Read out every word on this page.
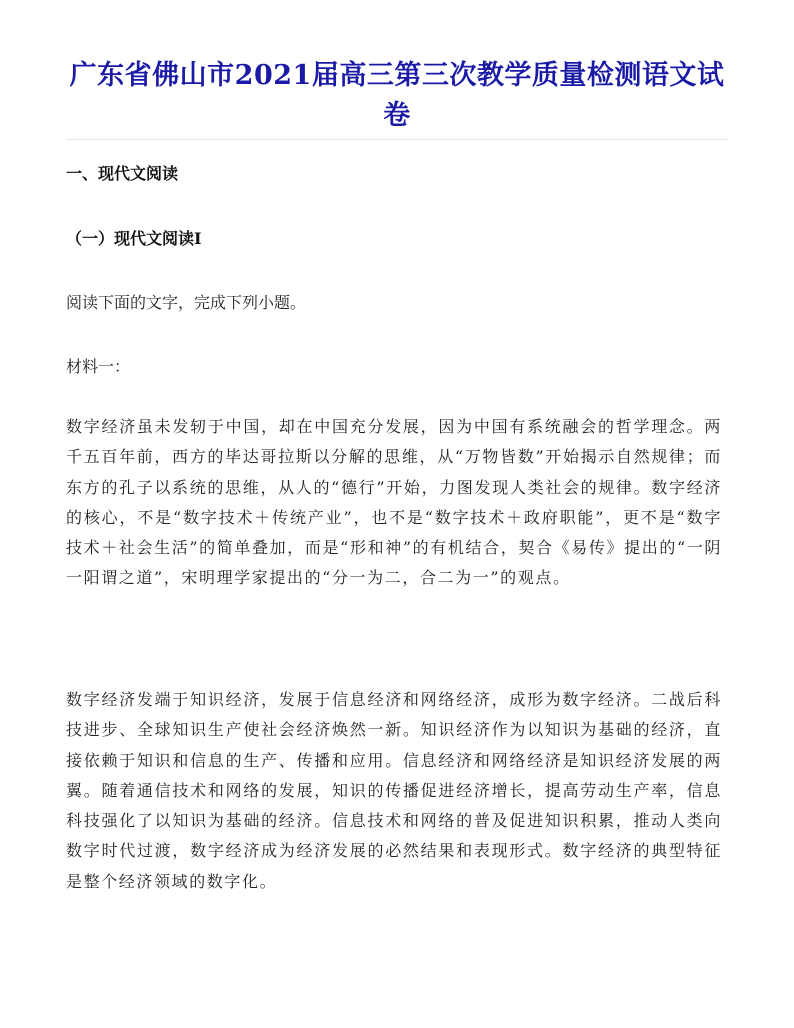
广东省佛山市2021届高三第三次教学质量检测语文试卷
一、现代文阅读
（一）现代文阅读Ⅰ
阅读下面的文字，完成下列小题。
材料一：
数字经济虽未发轫于中国，却在中国充分发展，因为中国有系统融会的哲学理念。两千五百年前，西方的毕达哥拉斯以分解的思维，从“万物皆数”开始揭示自然规律；而东方的孔子以系统的思维，从人的“德行”开始，力图发现人类社会的规律。数字经济的核心，不是“数字技术＋传统产业”，也不是“数字技术＋政府职能”，更不是“数字技术＋社会生活”的简单叠加，而是“形和神”的有机结合，契合《易传》提出的“一阴一阳谓之道”，宋明理学家提出的“分一为二，合二为一”的观点。
数字经济发端于知识经济，发展于信息经济和网络经济，成形为数字经济。二战后科技进步、全球知识生产使社会经济焕然一新。知识经济作为以知识为基础的经济，直接依赖于知识和信息的生产、传播和应用。信息经济和网络经济是知识经济发展的两翼。随着通信技术和网络的发展，知识的传播促进经济增长，提高劳动生产率，信息科技强化了以知识为基础的经济。信息技术和网络的普及促进知识积累，推动人类向数字时代过渡，数字经济成为经济发展的必然结果和表现形式。数字经济的典型特征是整个经济领域的数字化。
